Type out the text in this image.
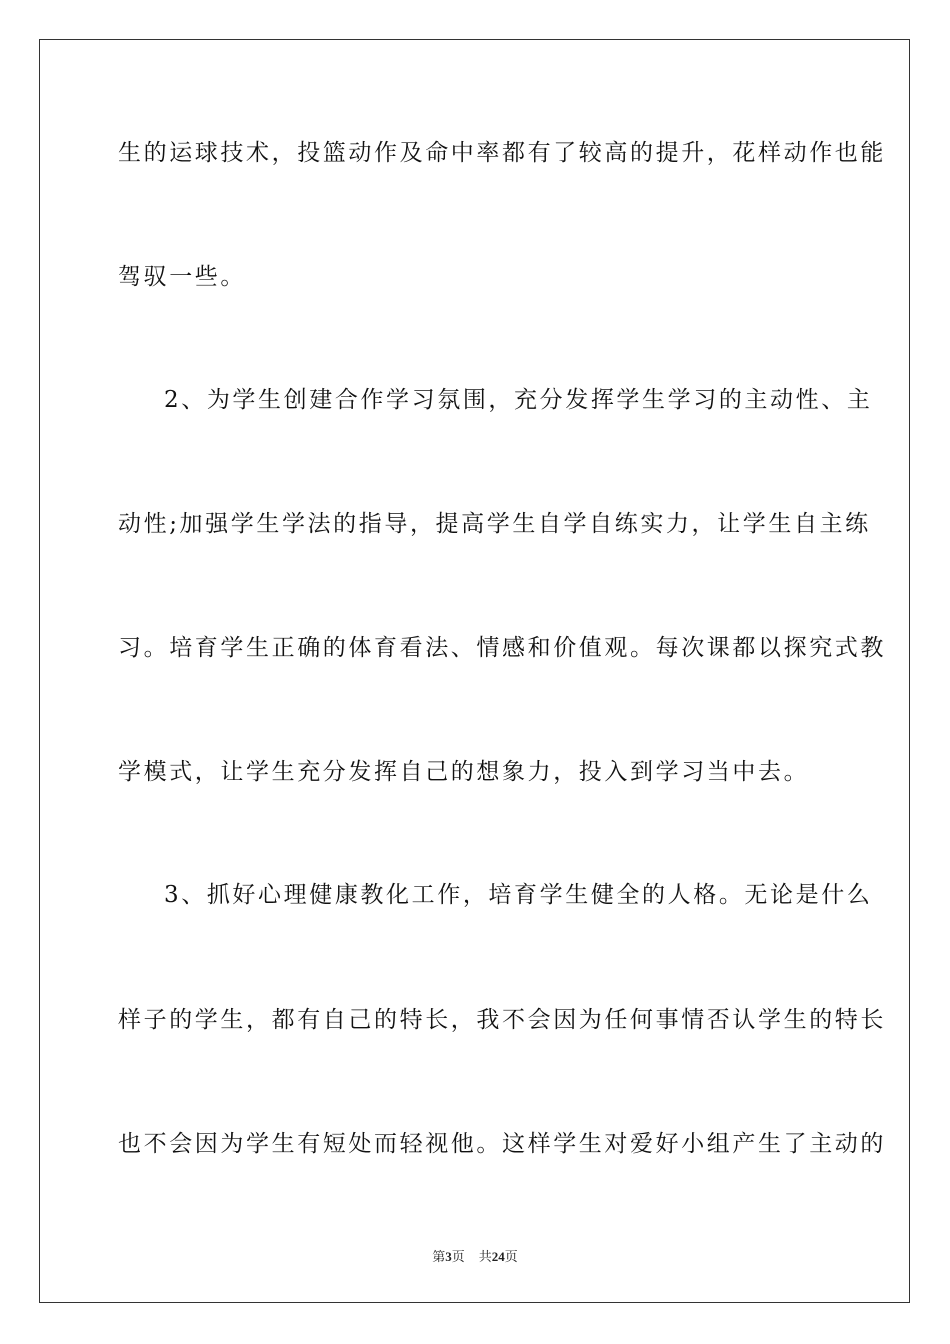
生的运球技术，投篮动作及命中率都有了较高的提升，花样动作也能
驾驭一些。
2、为学生创建合作学习氛围，充分发挥学生学习的主动性、主
动性;加强学生学法的指导，提高学生自学自练实力，让学生自主练
习。培育学生正确的体育看法、情感和价值观。每次课都以探究式教
学模式，让学生充分发挥自己的想象力，投入到学习当中去。
3、抓好心理健康教化工作，培育学生健全的人格。无论是什么
样子的学生，都有自己的特长，我不会因为任何事情否认学生的特长
也不会因为学生有短处而轻视他。这样学生对爱好小组产生了主动的
第3页 共24页
